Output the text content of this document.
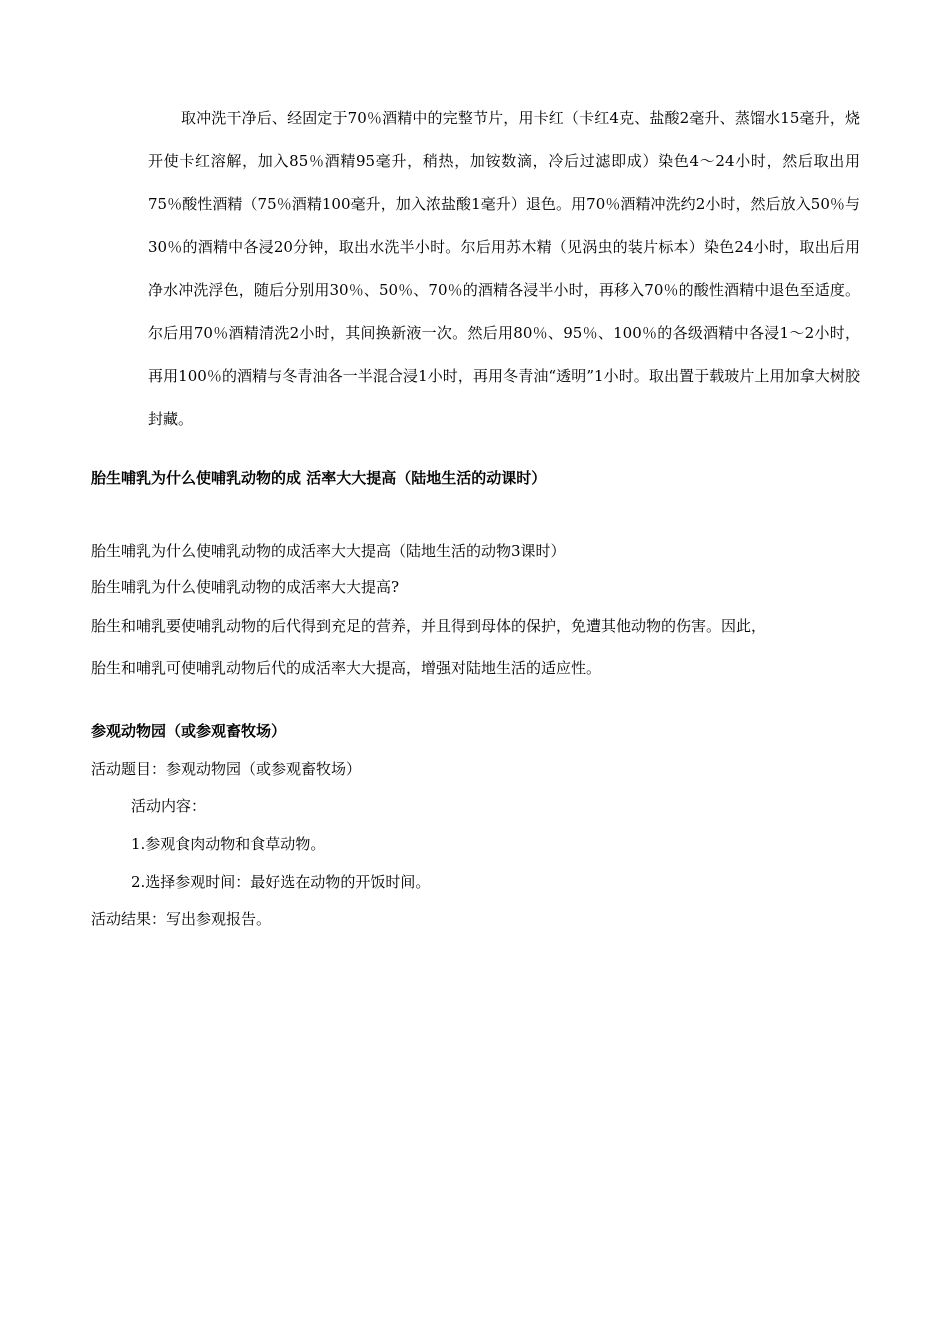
取冲洗干净后、经固定于70％酒精中的完整节片，用卡红（卡红4克、盐酸2毫升、蒸馏水15毫升，烧开使卡红溶解，加入85％酒精95毫升，稍热，加铵数滴，冷后过滤即成）染色4～24小时，然后取出用75％酸性酒精（75％酒精100毫升，加入浓盐酸1毫升）退色。用70％酒精冲洗约2小时，然后放入50％与30％的酒精中各浸20分钟，取出水洗半小时。尔后用苏木精（见涡虫的装片标本）染色24小时，取出后用净水冲洗浮色，随后分别用30％、50％、70％的酒精各浸半小时，再移入70％的酸性酒精中退色至适度。尔后用70％酒精清洗2小时，其间换新液一次。然后用80％、95％、100％的各级酒精中各浸1～2小时，再用100％的酒精与冬青油各一半混合浸1小时，再用冬青油“透明”1小时。取出置于载玻片上用加拿大树胶封藏。

胎生哺乳为什么使哺乳动物的成 活率大大提高（陆地生活的动课时）

胎生哺乳为什么使哺乳动物的成活率大大提高（陆地生活的动物3课时）

胎生哺乳为什么使哺乳动物的成活率大大提高?

胎生和哺乳要使哺乳动物的后代得到充足的营养，并且得到母体的保护，免遭其他动物的伤害。因此，

胎生和哺乳可使哺乳动物后代的成活率大大提高，增强对陆地生活的适应性。

参观动物园（或参观畜牧场）

活动题目：参观动物园（或参观畜牧场）

活动内容：

1.参观食肉动物和食草动物。

2.选择参观时间：最好选在动物的开饭时间。

活动结果：写出参观报告。
